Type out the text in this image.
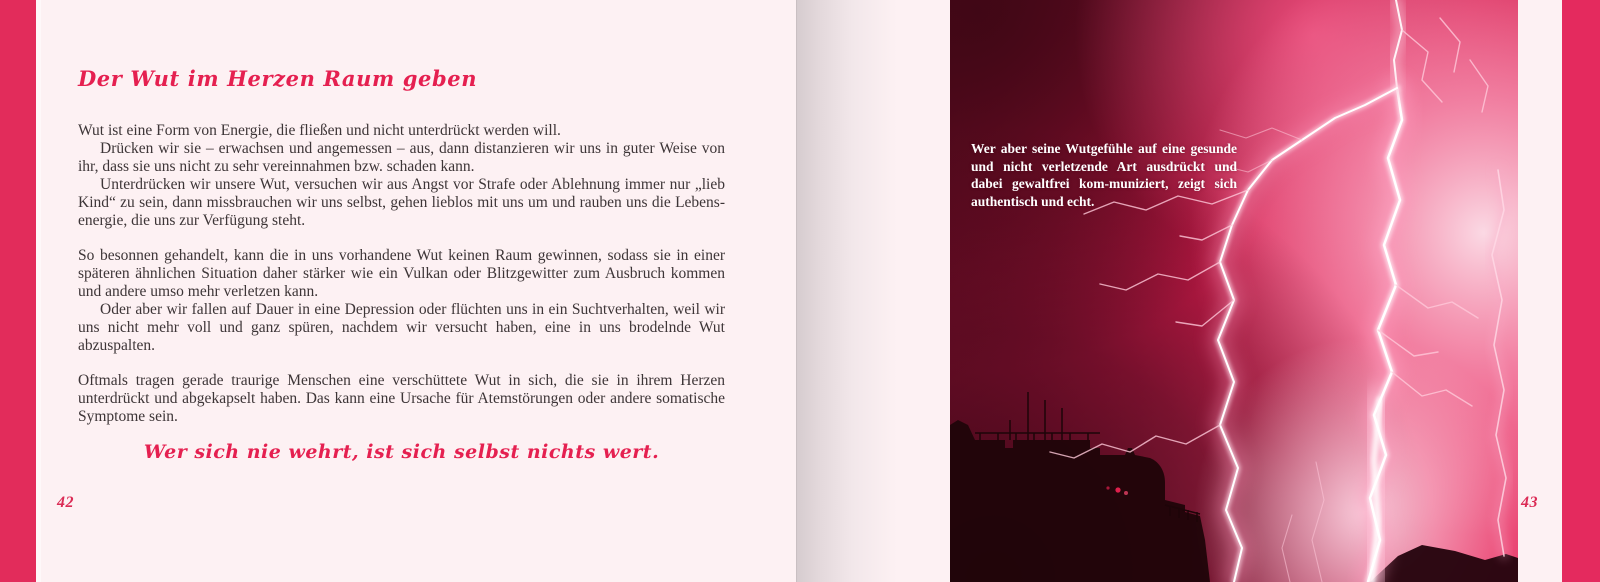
Der Wut im Herzen Raum geben

Wut ist eine Form von Energie, die fließen und nicht unterdrückt werden will.

Drücken wir sie – erwachsen und angemessen – aus, dann distanzieren wir uns in guter Weise von ihr, dass sie uns nicht zu sehr vereinnahmen bzw. schaden kann.

Unterdrücken wir unsere Wut, versuchen wir aus Angst vor Strafe oder Ablehnung immer nur „lieb Kind“ zu sein, dann missbrauchen wir uns selbst, gehen lieblos mit uns um und rauben uns die Lebens-energie, die uns zur Verfügung steht.

So besonnen gehandelt, kann die in uns vorhandene Wut keinen Raum gewinnen, sodass sie in einer späteren ähnlichen Situation daher stärker wie ein Vulkan oder Blitzgewitter zum Ausbruch kommen und andere umso mehr verletzen kann.

Oder aber wir fallen auf Dauer in eine Depression oder flüchten uns in ein Suchtverhalten, weil wir uns nicht mehr voll und ganz spüren, nachdem wir versucht haben, eine in uns brodelnde Wut abzuspalten.

Oftmals tragen gerade traurige Menschen eine verschüttete Wut in sich, die sie in ihrem Herzen unterdrückt und abgekapselt haben. Das kann eine Ursache für Atemstörungen oder andere somatische Symptome sein.

Wer sich nie wehrt, ist sich selbst nichts wert.
42
Wer aber seine Wutgefühle auf eine gesunde und nicht verletzende Art ausdrückt und dabei gewaltfrei kom-muniziert, zeigt sich authentisch und echt.
43
